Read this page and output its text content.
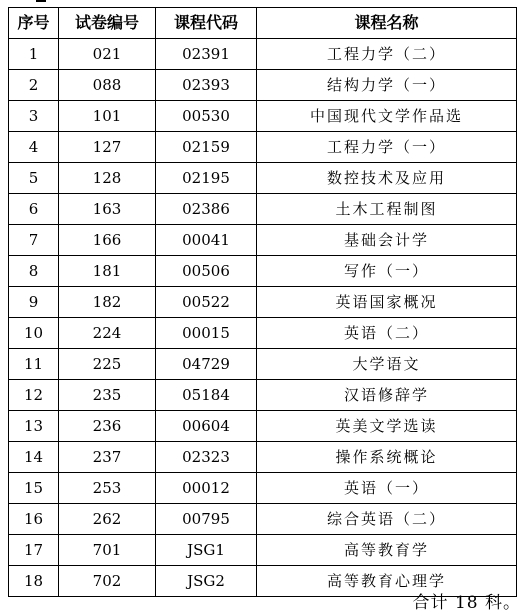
序号	试卷编号	课程代码	课程名称
1	021	02391	工程力学（二）
2	088	02393	结构力学（一）
3	101	00530	中国现代文学作品选
4	127	02159	工程力学（一）
5	128	02195	数控技术及应用
6	163	02386	土木工程制图
7	166	00041	基础会计学
8	181	00506	写作（一）
9	182	00522	英语国家概况
10	224	00015	英语（二）
11	225	04729	大学语文
12	235	05184	汉语修辞学
13	236	00604	英美文学选读
14	237	02323	操作系统概论
15	253	00012	英语（一）
16	262	00795	综合英语（二）
17	701	JSG1	高等教育学
18	702	JSG2	高等教育心理学
合计 18 科。
